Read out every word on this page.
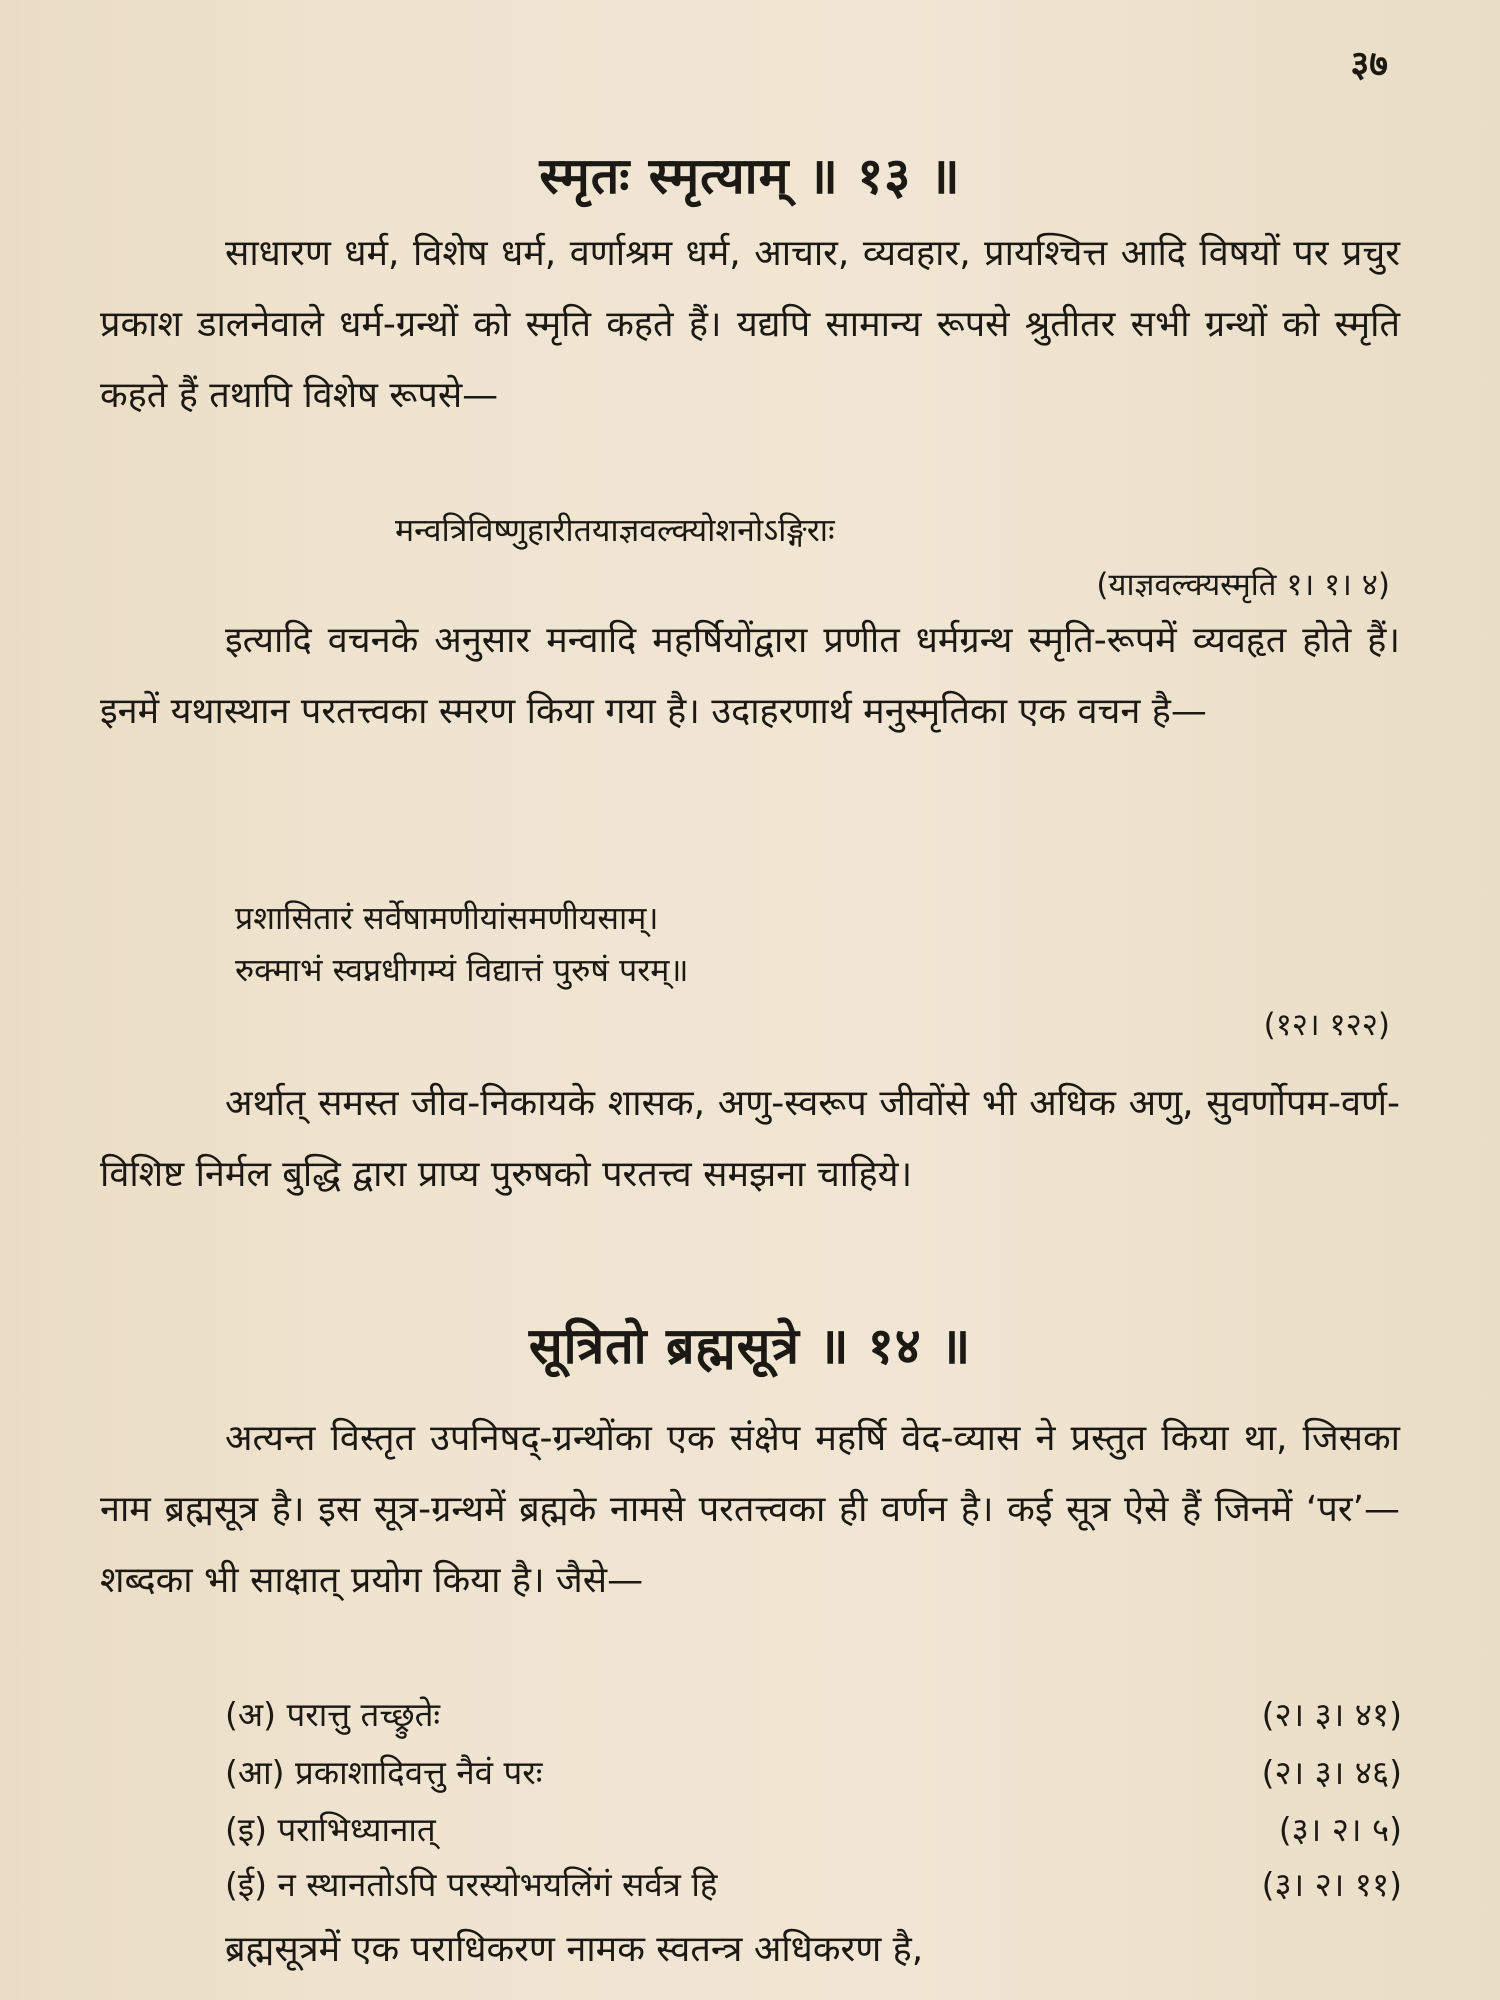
३७
स्मृतः स्मृत्याम् ॥ १३ ॥
साधारण धर्म, विशेष धर्म, वर्णाश्रम धर्म, आचार, व्यवहार, प्रायश्चित्त आदि विषयों पर प्रचुर प्रकाश डालनेवाले धर्म-ग्रन्थों को स्मृति कहते हैं। यद्यपि सामान्य रूपसे श्रुतीतर सभी ग्रन्थों को स्मृति कहते हैं तथापि विशेष रूपसे—
मन्वत्रिविष्णुहारीतयाज्ञवल्क्योशनोऽङ्गिराः
(याज्ञवल्क्यस्मृति १। १। ४)
इत्यादि वचनके अनुसार मन्वादि महर्षियोंद्वारा प्रणीत धर्मग्रन्थ स्मृति-रूपमें व्यवहृत होते हैं। इनमें यथास्थान परतत्त्वका स्मरण किया गया है। उदाहरणार्थ मनुस्मृतिका एक वचन है—
प्रशासितारं सर्वेषामणीयांसमणीयसाम्।
रुक्माभं स्वप्नधीगम्यं विद्यात्तं पुरुषं परम्॥
(१२। १२२)
अर्थात् समस्त जीव-निकायके शासक, अणु-स्वरूप जीवोंसे भी अधिक अणु, सुवर्णोपम-वर्ण-विशिष्ट निर्मल बुद्धि द्वारा प्राप्य पुरुषको परतत्त्व समझना चाहिये।
सूत्रितो ब्रह्मसूत्रे ॥ १४ ॥
अत्यन्त विस्तृत उपनिषद्-ग्रन्थोंका एक संक्षेप महर्षि वेद-व्यास ने प्रस्तुत किया था, जिसका नाम ब्रह्मसूत्र है। इस सूत्र-ग्रन्थमें ब्रह्मके नामसे परतत्त्वका ही वर्णन है। कई सूत्र ऐसे हैं जिनमें ‘पर’—शब्दका भी साक्षात् प्रयोग किया है। जैसे—
(अ) परात्तु तच्छ्रुतेः	(२। ३। ४१)
(आ) प्रकाशादिवत्तु नैवं परः	(२। ३। ४६)
(इ) पराभिध्यानात्	(३। २। ५)
(ई) न स्थानतोऽपि परस्योभयलिंगं सर्वत्र हि	(३। २। ११)
ब्रह्मसूत्रमें एक पराधिकरण नामक स्वतन्त्र अधिकरण है,
